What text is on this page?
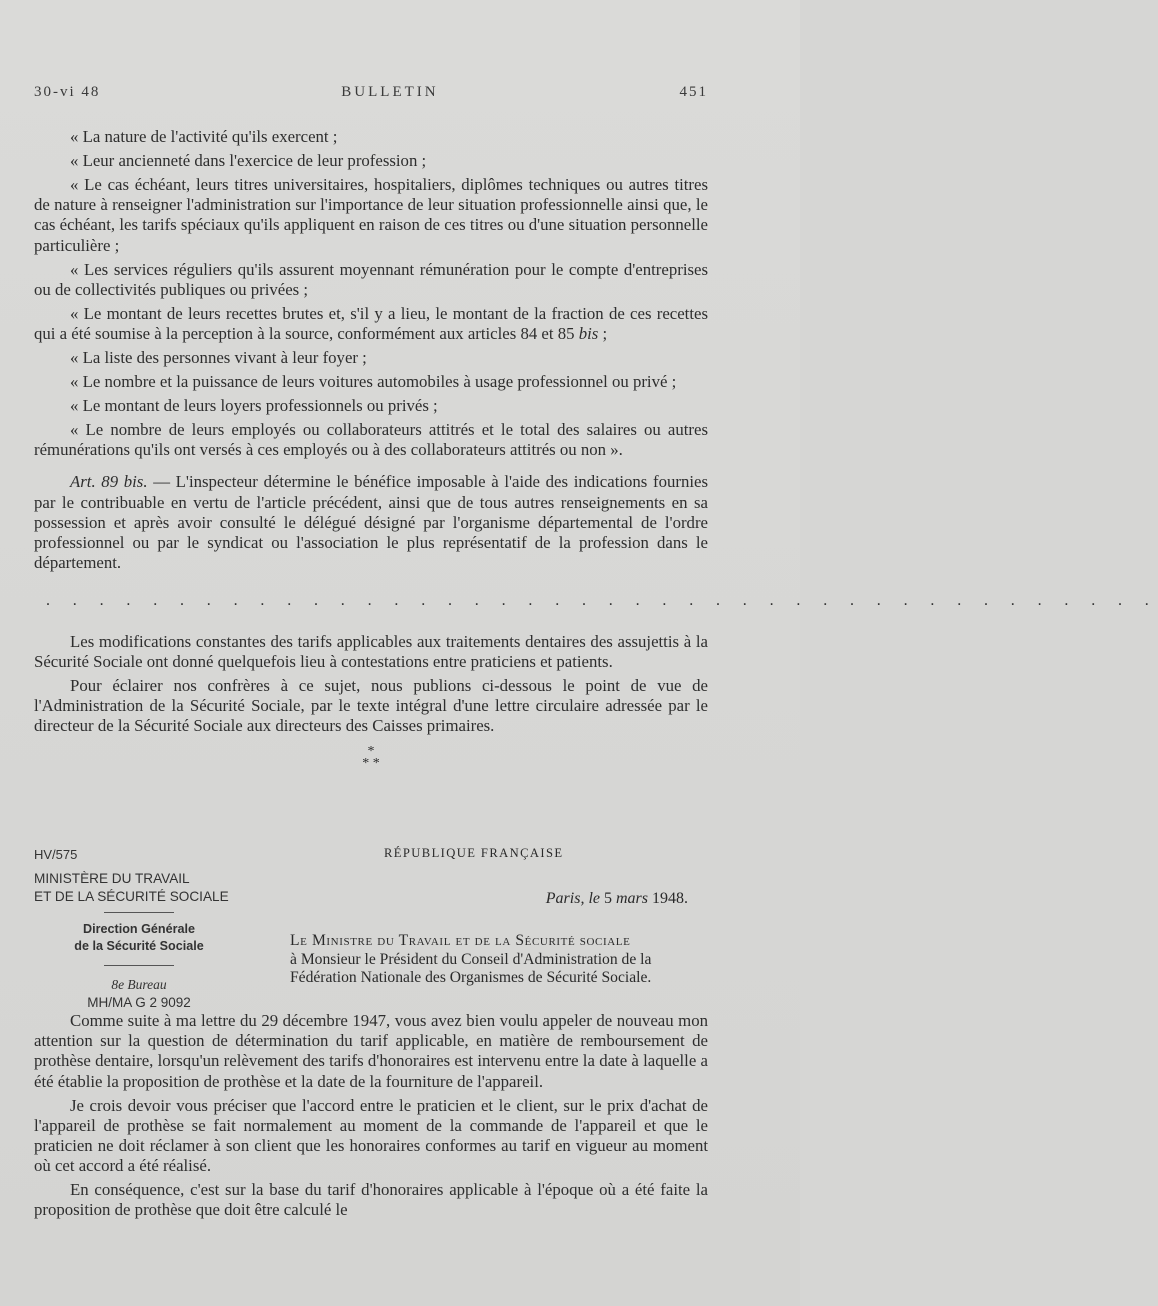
30-vi 48	BULLETIN	451

« La nature de l'activité qu'ils exercent ;

« Leur ancienneté dans l'exercice de leur profession ;

« Le cas échéant, leurs titres universitaires, hospitaliers, diplômes techniques ou autres titres de nature à renseigner l'administration sur l'importance de leur situation professionnelle ainsi que, le cas échéant, les tarifs spéciaux qu'ils appliquent en raison de ces titres ou d'une situation personnelle particulière ;

« Les services réguliers qu'ils assurent moyennant rémunération pour le compte d'entreprises ou de collectivités publiques ou privées ;

« Le montant de leurs recettes brutes et, s'il y a lieu, le montant de la fraction de ces recettes qui a été soumise à la perception à la source, conformément aux articles 84 et 85 bis ;

« La liste des personnes vivant à leur foyer ;

« Le nombre et la puissance de leurs voitures automobiles à usage professionnel ou privé ;

« Le montant de leurs loyers professionnels ou privés ;

« Le nombre de leurs employés ou collaborateurs attitrés et le total des salaires ou autres rémunérations qu'ils ont versés à ces employés ou à des collaborateurs attitrés ou non ».

Art. 89 bis. — L'inspecteur détermine le bénéfice imposable à l'aide des indications fournies par le contribuable en vertu de l'article précédent, ainsi que de tous autres renseignements en sa possession et après avoir consulté le délégué désigné par l'organisme départemental de l'ordre professionnel ou par le syndicat ou l'association le plus représentatif de la profession dans le département.

. . . . . . . . . . . . . . . . . . . . . . . . . . . . . . . . . . . . . . . . . .

Les modifications constantes des tarifs applicables aux traitements dentaires des assujettis à la Sécurité Sociale ont donné quelquefois lieu à contestations entre praticiens et patients.

Pour éclairer nos confrères à ce sujet, nous publions ci-dessous le point de vue de l'Administration de la Sécurité Sociale, par le texte intégral d'une lettre circulaire adressée par le directeur de la Sécurité Sociale aux directeurs des Caisses primaires.

*
* *
HV/575
MINISTÈRE DU TRAVAIL
ET DE LA SÉCURITÉ SOCIALE
Direction Générale
de la Sécurité Sociale
8e Bureau
MH/MA G 2 9092
RÉPUBLIQUE FRANÇAISE
Paris, le 5 mars 1948.
Le Ministre du Travail et de la Sécurité sociale
à Monsieur le Président du Conseil d'Administration de la Fédération Nationale des Organismes de Sécurité Sociale.

Comme suite à ma lettre du 29 décembre 1947, vous avez bien voulu appeler de nouveau mon attention sur la question de détermination du tarif applicable, en matière de remboursement de prothèse dentaire, lorsqu'un relèvement des tarifs d'honoraires est intervenu entre la date à laquelle a été établie la proposition de prothèse et la date de la fourniture de l'appareil.

Je crois devoir vous préciser que l'accord entre le praticien et le client, sur le prix d'achat de l'appareil de prothèse se fait normalement au moment de la commande de l'appareil et que le praticien ne doit réclamer à son client que les honoraires conformes au tarif en vigueur au moment où cet accord a été réalisé.

En conséquence, c'est sur la base du tarif d'honoraires applicable à l'époque où a été faite la proposition de prothèse que doit être calculé le
